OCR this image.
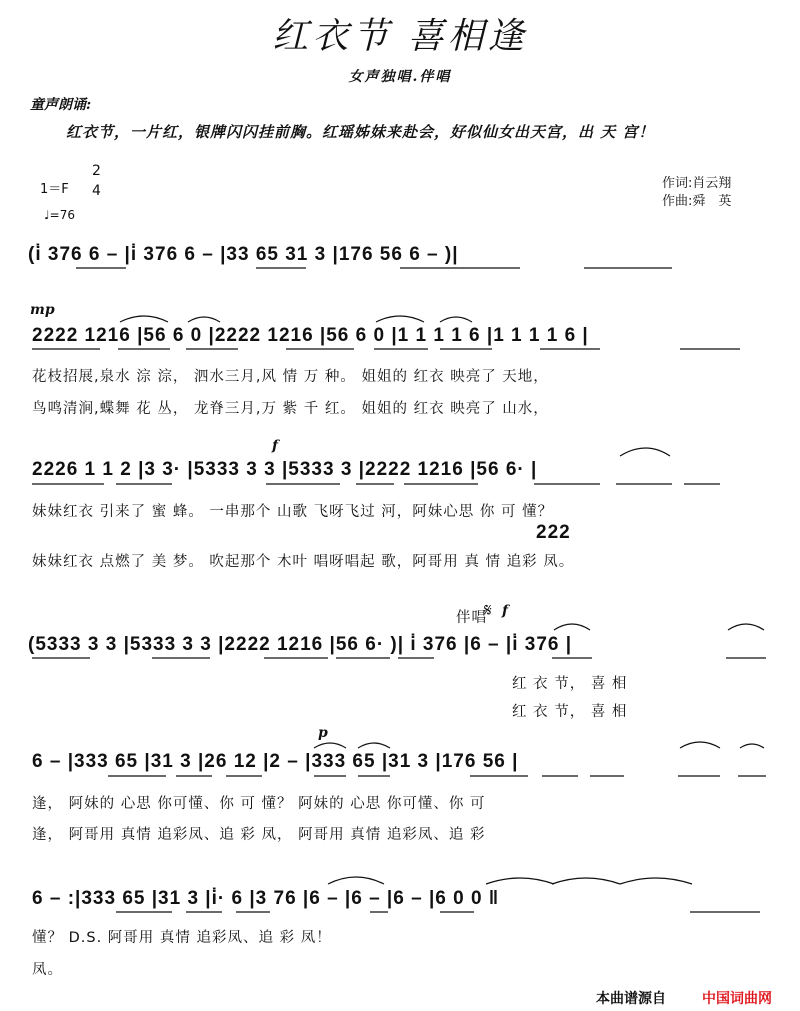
红衣节 喜相逢
女声独唱.伴唱
童声朗诵:
红衣节，一片红，银牌闪闪挂前胸。红瑶姊妹来赴会，好似仙女出天宫，出 天 宫！
1＝F
2
4
♩=76
作词:肖云翔
作曲:舜　英
(i̇ 376 6 – |i̇ 376 6 – |33 65 31 3 |176 56 6 – )|
mp
2222 1216 |56 6 0 |2222 1216 |56 6 0 |1 1 1 1 6 |1 1 1 1 6 |
花枝招展,泉水 淙 淙， 泗水三月,风 情 万 种。 姐姐的 红衣 映亮了 天地，
鸟鸣清涧,蝶舞 花 丛， 龙脊三月,万 紫 千 红。 姐姐的 红衣 映亮了 山水，
f
2226 1 1 2 |3 3· |5333 3 3 |5333 3 |2222 1216 |56 6· |
妹妹红衣 引来了 蜜 蜂。 一串那个 山歌 飞呀飞过 河，阿妹心思 你 可 懂？
222
妹妹红衣 点燃了 美 梦。 吹起那个 木叶 唱呀唱起 歌，阿哥用 真 情 追彩 凤。
伴唱
𝄋 f
(5333 3 3 |5333 3 3 |2222 1216 |56 6· )| i̇ 376 |6 – |i̇ 376 |
红 衣 节， 喜 相
红 衣 节， 喜 相
p
6 – |333 65 |31 3 |26 12 |2 – |333 65 |31 3 |176 56 |
逢， 阿妹的 心思 你可懂、你 可 懂？ 阿妹的 心思 你可懂、你 可
逢， 阿哥用 真情 追彩凤、追 彩 凤， 阿哥用 真情 追彩凤、追 彩
6 – :|333 65 |31 3 |i̇· 6 |3 76 |6 – |6 – |6 – |6 0 0 ‖
懂？ D.S. 阿哥用 真情 追彩凤、追 彩 凤！
凤。
本曲谱源自	中国词曲网
